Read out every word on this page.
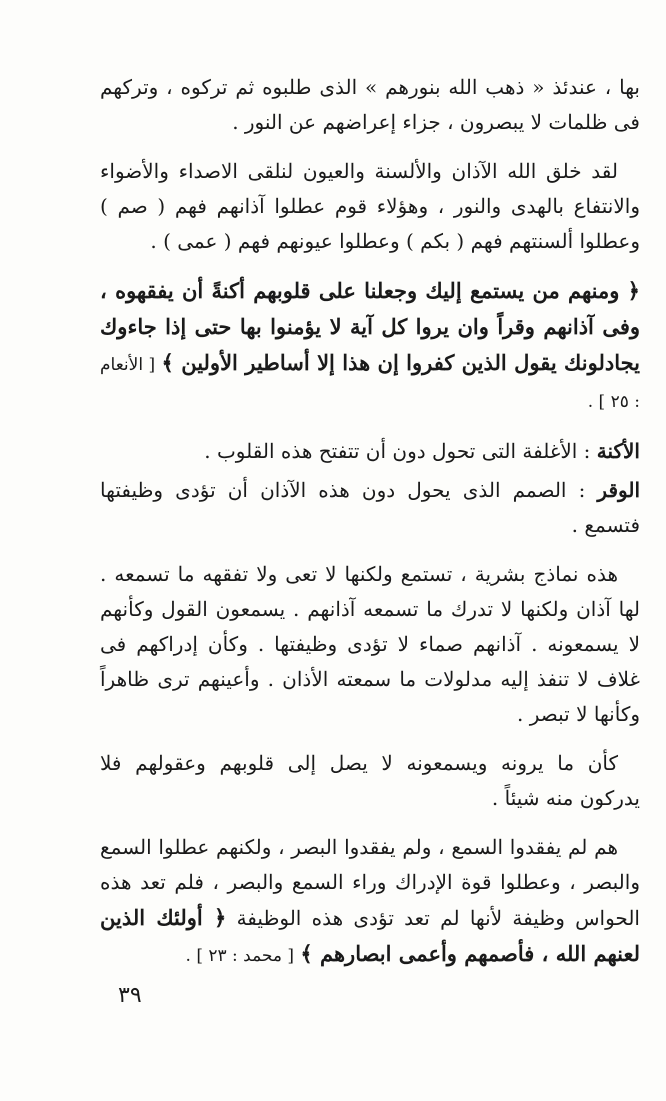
بها ، عندئذ « ذهب الله بنورهم » الذى طلبوه ثم تركوه ، وتركهم فى ظلمات لا يبصرون ، جزاء إعراضهم عن النور .

لقد خلق الله الآذان والألسنة والعيون لنلقى الاصداء والأضواء والانتفاع بالهدى والنور ، وهؤلاء قوم عطلوا آذانهم فهم ( صم ) وعطلوا ألسنتهم فهم ( بكم ) وعطلوا عيونهم فهم ( عمى ) .

﴿ ومنهم من يستمع إليك وجعلنا على قلوبهم أكنةً أن يفقهوه ، وفى آذانهم وقراً وان يروا كل آية لا يؤمنوا بها حتى إذا جاءوك يجادلونك يقول الذين كفروا إن هذا إلا أساطير الأولين ﴾ [ الأنعام : ٢٥ ] .

الأكنة : الأغلفة التى تحول دون أن تتفتح هذه القلوب .

الوقر : الصمم الذى يحول دون هذه الآذان أن تؤدى وظيفتها فتسمع .

هذه نماذج بشرية ، تستمع ولكنها لا تعى ولا تفقهه ما تسمعه . لها آذان ولكنها لا تدرك ما تسمعه آذانهم . يسمعون القول وكأنهم لا يسمعونه . آذانهم صماء لا تؤدى وظيفتها . وكأن إدراكهم فى غلاف لا تنفذ إليه مدلولات ما سمعته الأذان . وأعينهم ترى ظاهراً وكأنها لا تبصر .

كأن ما يرونه ويسمعونه لا يصل إلى قلوبهم وعقولهم فلا يدركون منه شيئاً .

هم لم يفقدوا السمع ، ولم يفقدوا البصر ، ولكنهم عطلوا السمع والبصر ، وعطلوا قوة الإدراك وراء السمع والبصر ، فلم تعد هذه الحواس وظيفة لأنها لم تعد تؤدى هذه الوظيفة ﴿ أولئك الذين لعنهم الله ، فأصمهم وأعمى ابصارهم ﴾ [ محمد : ٢٣ ] .

٣٩
